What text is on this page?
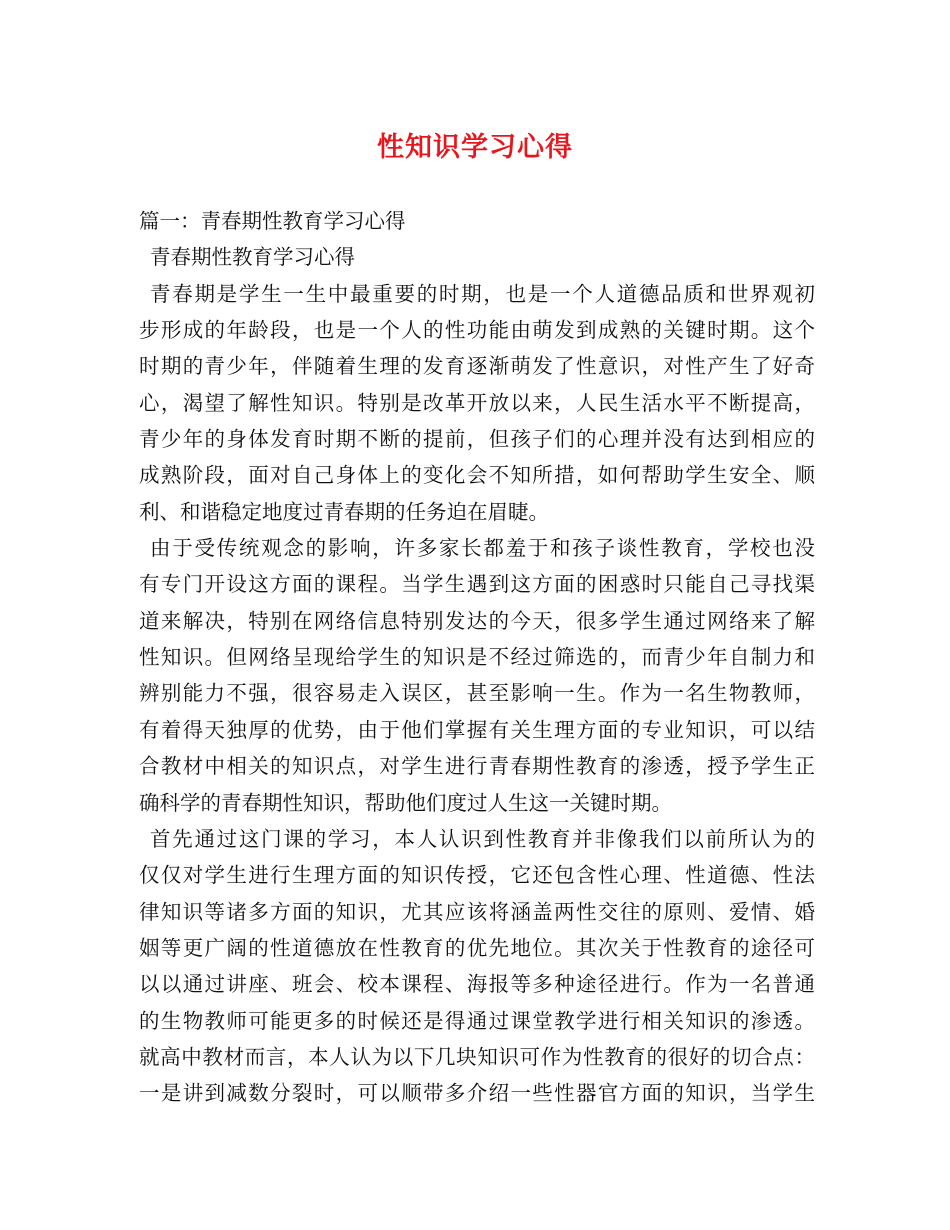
性知识学习心得
篇一：青春期性教育学习心得
青春期性教育学习心得
青春期是学生一生中最重要的时期，也是一个人道德品质和世界观初
步形成的年龄段，也是一个人的性功能由萌发到成熟的关键时期。这个
时期的青少年，伴随着生理的发育逐渐萌发了性意识，对性产生了好奇
心，渴望了解性知识。特别是改革开放以来，人民生活水平不断提高，
青少年的身体发育时期不断的提前，但孩子们的心理并没有达到相应的
成熟阶段，面对自己身体上的变化会不知所措，如何帮助学生安全、顺
利、和谐稳定地度过青春期的任务迫在眉睫。
由于受传统观念的影响，许多家长都羞于和孩子谈性教育，学校也没
有专门开设这方面的课程。当学生遇到这方面的困惑时只能自己寻找渠
道来解决，特别在网络信息特别发达的今天，很多学生通过网络来了解
性知识。但网络呈现给学生的知识是不经过筛选的，而青少年自制力和
辨别能力不强，很容易走入误区，甚至影响一生。作为一名生物教师，
有着得天独厚的优势，由于他们掌握有关生理方面的专业知识，可以结
合教材中相关的知识点，对学生进行青春期性教育的渗透，授予学生正
确科学的青春期性知识，帮助他们度过人生这一关键时期。
首先通过这门课的学习，本人认识到性教育并非像我们以前所认为的
仅仅对学生进行生理方面的知识传授，它还包含性心理、性道德、性法
律知识等诸多方面的知识，尤其应该将涵盖两性交往的原则、爱情、婚
姻等更广阔的性道德放在性教育的优先地位。其次关于性教育的途径可
以以通过讲座、班会、校本课程、海报等多种途径进行。作为一名普通
的生物教师可能更多的时候还是得通过课堂教学进行相关知识的渗透。
就高中教材而言，本人认为以下几块知识可作为性教育的很好的切合点：
一是讲到减数分裂时，可以顺带多介绍一些性器官方面的知识，当学生
